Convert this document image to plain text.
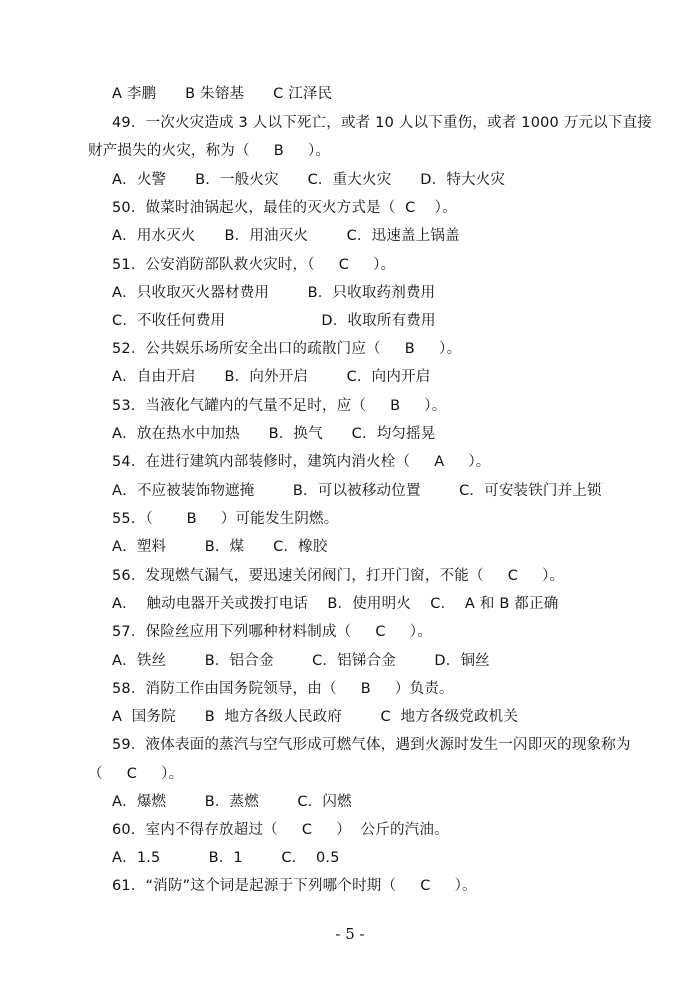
A 李鹏      B 朱镕基      C 江泽民
49．一次火灾造成 3 人以下死亡，或者 10 人以下重伤，或者 1000 万元以下直接
财产损失的火灾，称为（     B     ）。
A．火警      B．一般火灾      C．重大火灾      D．特大火灾
50．做菜时油锅起火，最佳的灭火方式是（  C    ）。
A．用水灭火      B．用油灭火        C．迅速盖上锅盖
51．公安消防部队救火灾时，（     C     ）。
A．只收取灭火器材费用        B．只收取药剂费用
C．不收任何费用                    D．收取所有费用
52．公共娱乐场所安全出口的疏散门应（     B     ）。
A．自由开启      B．向外开启        C．向内开启
53．当液化气罐内的气量不足时，应（     B     ）。
A．放在热水中加热      B．换气      C．均匀摇晃
54．在进行建筑内部装修时，建筑内消火栓（     A     ）。
A．不应被装饰物遮掩        B．可以被移动位置        C．可安装铁门并上锁
55．（       B     ）可能发生阴燃。
A．塑料        B．煤      C．橡胶
56．发现燃气漏气，要迅速关闭阀门，打开门窗，不能（     C     ）。
A．  触动电器开关或拨打电话    B．使用明火    C．  A 和 B 都正确
57．保险丝应用下列哪种材料制成（     C     ）。
A．铁丝        B．铝合金        C．铝锑合金        D．铜丝
58．消防工作由国务院领导，由（     B     ）负责。
A  国务院      B  地方各级人民政府        C  地方各级党政机关
59．液体表面的蒸汽与空气形成可燃气体，遇到火源时发生一闪即灭的现象称为
（     C     ）。
A．爆燃        B．蒸燃        C．闪燃
60．室内不得存放超过（     C     ）  公斤的汽油。
A．1.5          B．1        C．  0.5
61．“消防”这个词是起源于下列哪个时期（     C     ）。
- 5 -
